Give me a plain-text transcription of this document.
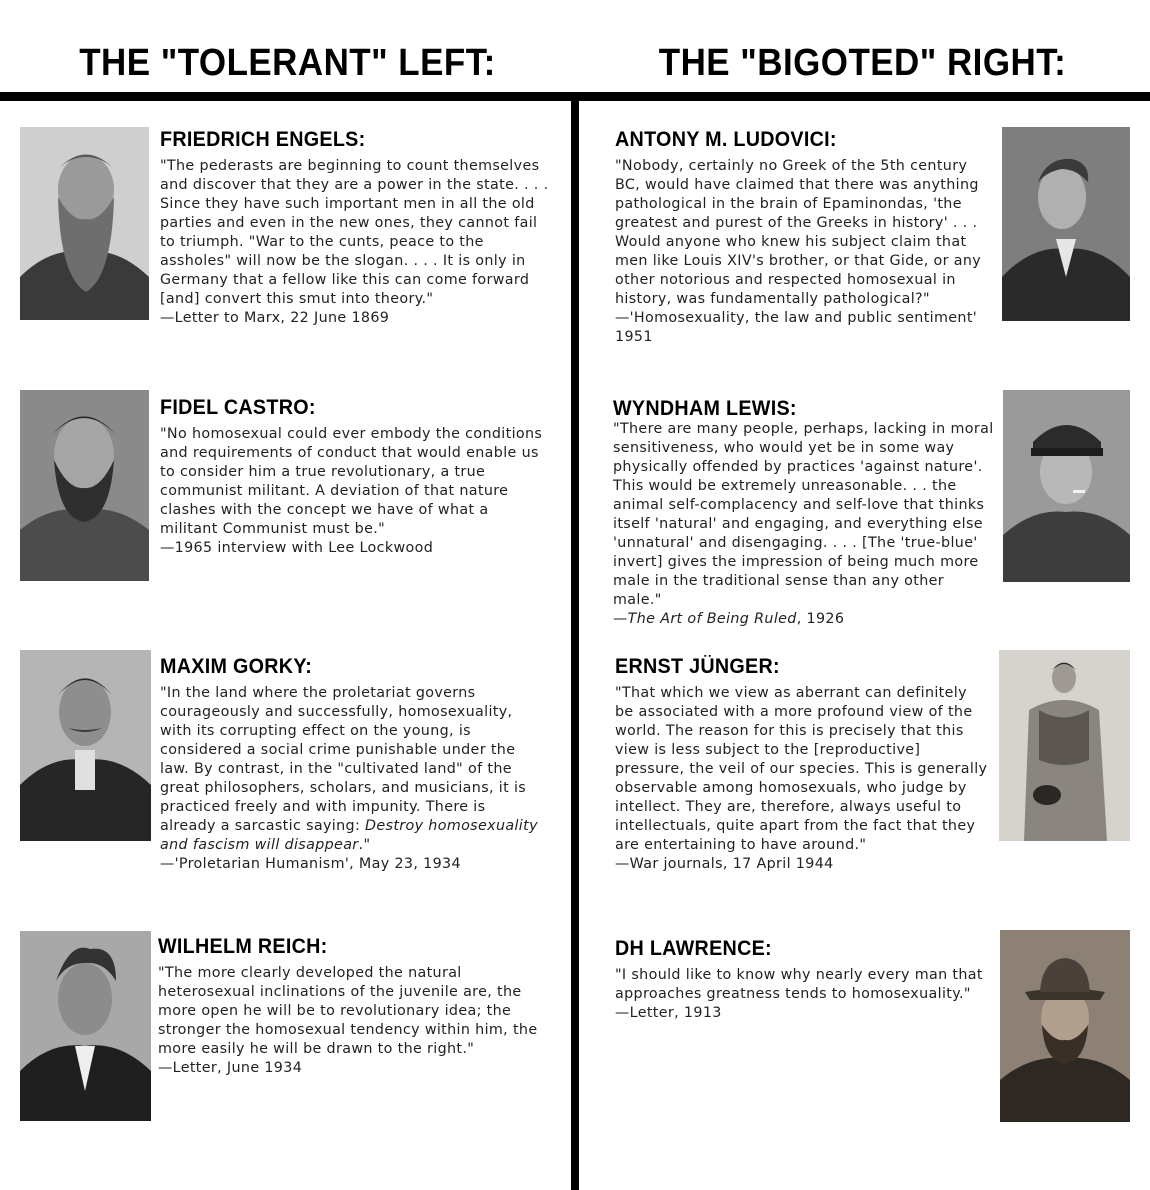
THE "TOLERANT" LEFT:	THE "BIGOTED" RIGHT:
FRIEDRICH ENGELS:

"The pederasts are beginning to count themselves and discover that they are a power in the state. . . . Since they have such important men in all the old parties and even in the new ones, they cannot fail to triumph. "War to the cunts, peace to the assholes" will now be the slogan. . . . It is only in Germany that a fellow like this can come forward [and] convert this smut into theory."

—Letter to Marx, 22 June 1869

FIDEL CASTRO:

"No homosexual could ever embody the conditions and requirements of conduct that would enable us to consider him a true revolutionary, a true communist militant. A deviation of that nature clashes with the concept we have of what a militant Communist must be."

—1965 interview with Lee Lockwood

MAXIM GORKY:

"In the land where the proletariat governs courageously and successfully, homosexuality, with its corrupting effect on the young, is considered a social crime punishable under the law. By contrast, in the "cultivated land" of the great philosophers, scholars, and musicians, it is practiced freely and with impunity. There is already a sarcastic saying: Destroy homosexuality and fascism will disappear."

—'Proletarian Humanism', May 23, 1934

WILHELM REICH:

"The more clearly developed the natural heterosexual inclinations of the juvenile are, the more open he will be to revolutionary idea; the stronger the homosexual tendency within him, the more easily he will be drawn to the right."

—Letter, June 1934

ANTONY M. LUDOVICI:

"Nobody, certainly no Greek of the 5th century BC, would have claimed that there was anything pathological in the brain of Epaminondas, 'the greatest and purest of the Greeks in history' . . . Would anyone who knew his subject claim that men like Louis XIV's brother, or that Gide, or any other notorious and respected homosexual in history, was fundamentally pathological?"

—'Homosexuality, the law and public sentiment' 1951

WYNDHAM LEWIS:

"There are many people, perhaps, lacking in moral sensitiveness, who would yet be in some way physically offended by practices 'against nature'. This would be extremely unreasonable. . . the animal self-complacency and self-love that thinks itself 'natural' and engaging, and everything else 'unnatural' and disengaging. . . . [The 'true-blue' invert] gives the impression of being much more male in the traditional sense than any other male."

—The Art of Being Ruled, 1926

ERNST JÜNGER:

"That which we view as aberrant can definitely be associated with a more profound view of the world. The reason for this is precisely that this view is less subject to the [reproductive] pressure, the veil of our species. This is generally observable among homosexuals, who judge by intellect. They are, therefore, always useful to intellectuals, quite apart from the fact that they are entertaining to have around."

—War journals, 17 April 1944

DH LAWRENCE:

"I should like to know why nearly every man that approaches greatness tends to homosexuality."

—Letter, 1913
